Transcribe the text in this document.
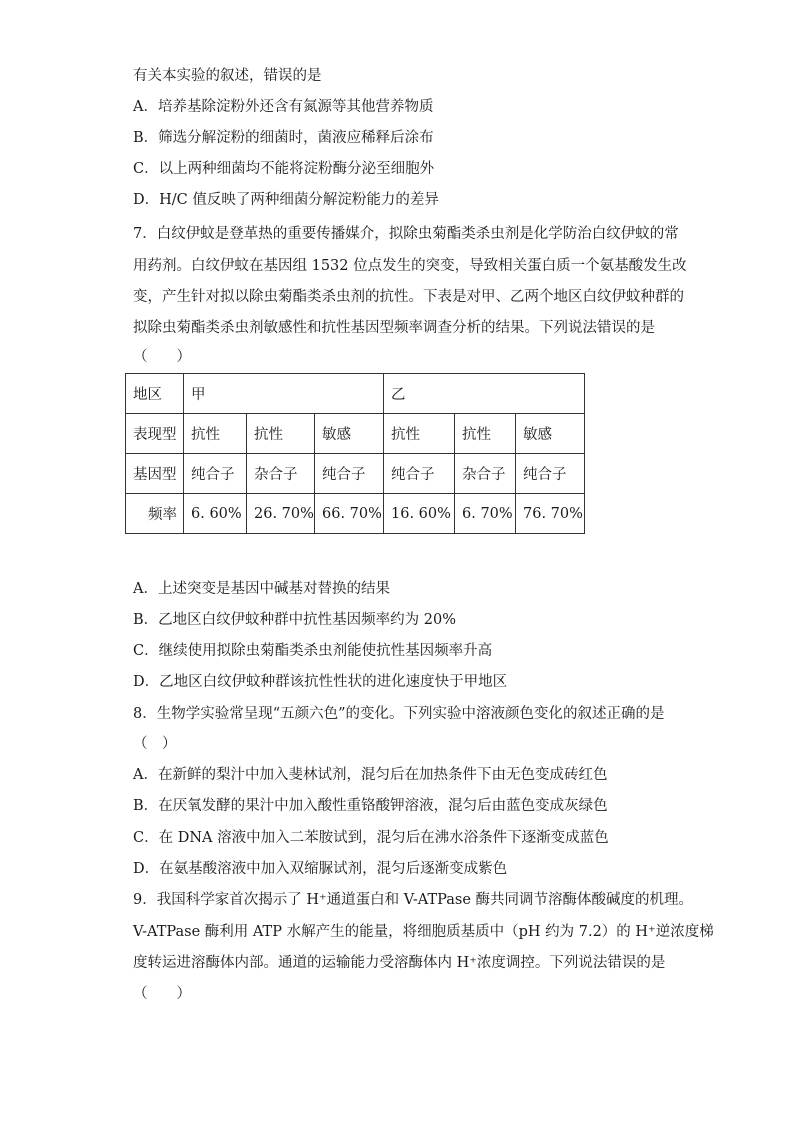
有关本实验的叙述，错误的是
A．培养基除淀粉外还含有氮源等其他营养物质
B．筛选分解淀粉的细菌时，菌液应稀释后涂布
C．以上两种细菌均不能将淀粉酶分泌至细胞外
D．H/C 值反映了两种细菌分解淀粉能力的差异
7．白纹伊蚊是登革热的重要传播媒介，拟除虫菊酯类杀虫剂是化学防治白纹伊蚊的常
用药剂。白纹伊蚊在基因组 1532 位点发生的突变，导致相关蛋白质一个氨基酸发生改
变，产生针对拟以除虫菊酯类杀虫剂的抗性。下表是对甲、乙两个地区白纹伊蚊种群的
拟除虫菊酯类杀虫剂敏感性和抗性基因型频率调查分析的结果。下列说法错误的是
（　　）
地区	甲			乙		
表现型	抗性	抗性	敏感	抗性	抗性	敏感
基因型	纯合子	杂合子	纯合子	纯合子	杂合子	纯合子
频率	6. 60%	26. 70%	66. 70%	16. 60%	6. 70%	76. 70%
A．上述突变是基因中碱基对替换的结果
B．乙地区白纹伊蚊种群中抗性基因频率约为 20%
C．继续使用拟除虫菊酯类杀虫剂能使抗性基因频率升高
D．乙地区白纹伊蚊种群该抗性性状的进化速度快于甲地区
8．生物学实验常呈现“五颜六色”的变化。下列实验中溶液颜色变化的叙述正确的是
（　）
A．在新鲜的梨汁中加入斐林试剂，混匀后在加热条件下由无色变成砖红色
B．在厌氧发酵的果汁中加入酸性重铬酸钾溶液，混匀后由蓝色变成灰绿色
C．在 DNA 溶液中加入二苯胺试到，混匀后在沸水浴条件下逐渐变成蓝色
D．在氨基酸溶液中加入双缩脲试剂，混匀后逐渐变成紫色
9．我国科学家首次揭示了 H⁺通道蛋白和 V-ATPase 酶共同调节溶酶体酸碱度的机理。
V-ATPase 酶利用 ATP 水解产生的能量，将细胞质基质中（pH 约为 7.2）的 H⁺逆浓度梯
度转运进溶酶体内部。通道的运输能力受溶酶体内 H⁺浓度调控。下列说法错误的是
（　　）
